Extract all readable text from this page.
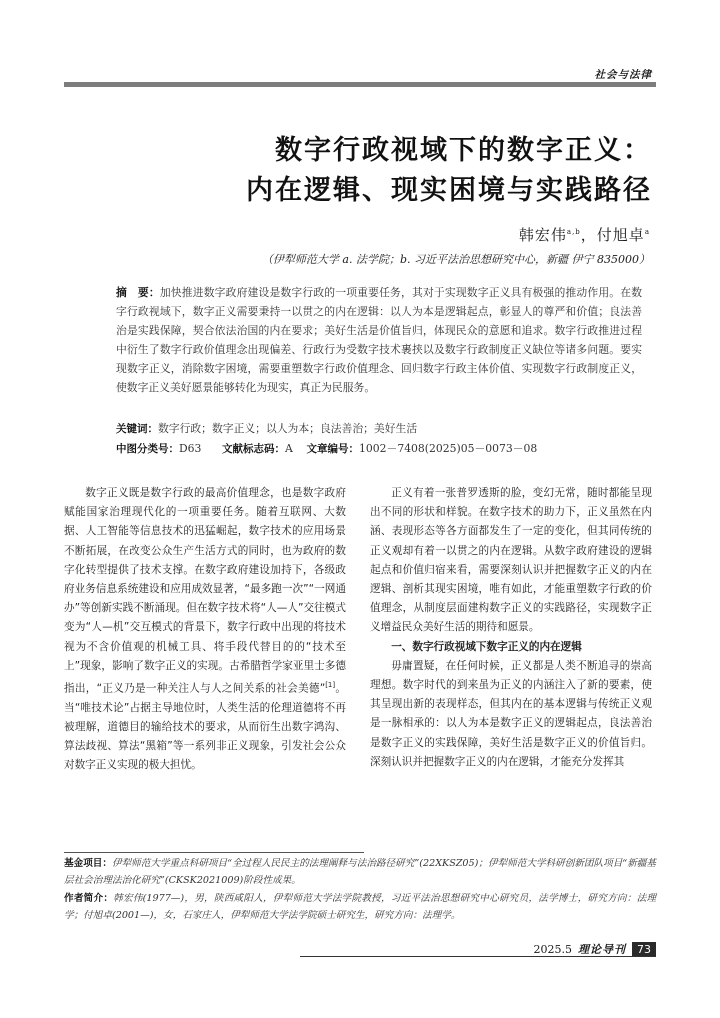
社会与法律
数字行政视域下的数字正义：
内在逻辑、现实困境与实践路径
韩宏伟$^{a,b}$，付旭卓$^a$
（伊犁师范大学 a. 法学院；b. 习近平法治思想研究中心，新疆 伊宁 835000）
摘　要：加快推进数字政府建设是数字行政的一项重要任务，其对于实现数字正义具有极强的推动作用。在数字行政视域下，数字正义需要秉持一以贯之的内在逻辑：以人为本是逻辑起点，彰显人的尊严和价值；良法善治是实践保障，契合依法治国的内在要求；美好生活是价值旨归，体现民众的意愿和追求。数字行政推进过程中衍生了数字行政价值理念出现偏差、行政行为受数字技术裹挟以及数字行政制度正义缺位等诸多问题。要实现数字正义，消除数字困境，需要重塑数字行政价值理念、回归数字行政主体价值、实现数字行政制度正义，使数字正义美好愿景能够转化为现实，真正为民服务。
关键词：数字行政；数字正义；以人为本；良法善治；美好生活
中图分类号：D63 文献标志码：A 文章编号：1002－7408(2025)05－0073－08

数字正义既是数字行政的最高价值理念，也是数字政府赋能国家治理现代化的一项重要任务。随着互联网、大数据、人工智能等信息技术的迅猛崛起，数字技术的应用场景不断拓展，在改变公众生产生活方式的同时，也为政府的数字化转型提供了技术支撑。在数字政府建设加持下，各级政府业务信息系统建设和应用成效显著，“最多跑一次”“一网通办”等创新实践不断涌现。但在数字技术将“人—人”交往模式变为“人—机”交互模式的背景下，数字行政中出现的将技术视为不含价值观的机械工具、将手段代替目的的“技术至上”现象，影响了数字正义的实现。古希腊哲学家亚里士多德指出，“正义乃是一种关注人与人之间关系的社会美德”[1]。当“唯技术论”占据主导地位时，人类生活的伦理道德将不再被理解，道德目的输给技术的要求，从而衍生出数字鸿沟、算法歧视、算法“黑箱”等一系列非正义现象，引发社会公众对数字正义实现的极大担忧。

正义有着一张普罗透斯的脸，变幻无常，随时都能呈现出不同的形状和样貌。在数字技术的助力下，正义虽然在内涵、表现形态等各方面都发生了一定的变化，但其同传统的正义观却有着一以贯之的内在逻辑。从数字政府建设的逻辑起点和价值归宿来看，需要深刻认识并把握数字正义的内在逻辑、剖析其现实困境，唯有如此，才能重塑数字行政的价值理念，从制度层面建构数字正义的实践路径，实现数字正义增益民众美好生活的期待和愿景。

一、数字行政视域下数字正义的内在逻辑

毋庸置疑，在任何时候，正义都是人类不断追寻的崇高理想。数字时代的到来虽为正义的内涵注入了新的要素，使其呈现出新的表现样态，但其内在的基本逻辑与传统正义观是一脉相承的：以人为本是数字正义的逻辑起点，良法善治是数字正义的实践保障，美好生活是数字正义的价值旨归。深刻认识并把握数字正义的内在逻辑，才能充分发挥其

基金项目：伊犁师范大学重点科研项目“全过程人民民主的法理阐释与法治路径研究”(22XKSZ05)；伊犁师范大学科研创新团队项目“新疆基层社会治理法治化研究”(CKSK2021009)阶段性成果。
作者简介：韩宏伟(1977—)，男，陕西咸阳人，伊犁师范大学法学院教授，习近平法治思想研究中心研究员，法学博士，研究方向：法理学；付旭卓(2001—)，女，石家庄人，伊犁师范大学法学院硕士研究生，研究方向：法理学。
2025.5 理论导刊	73
